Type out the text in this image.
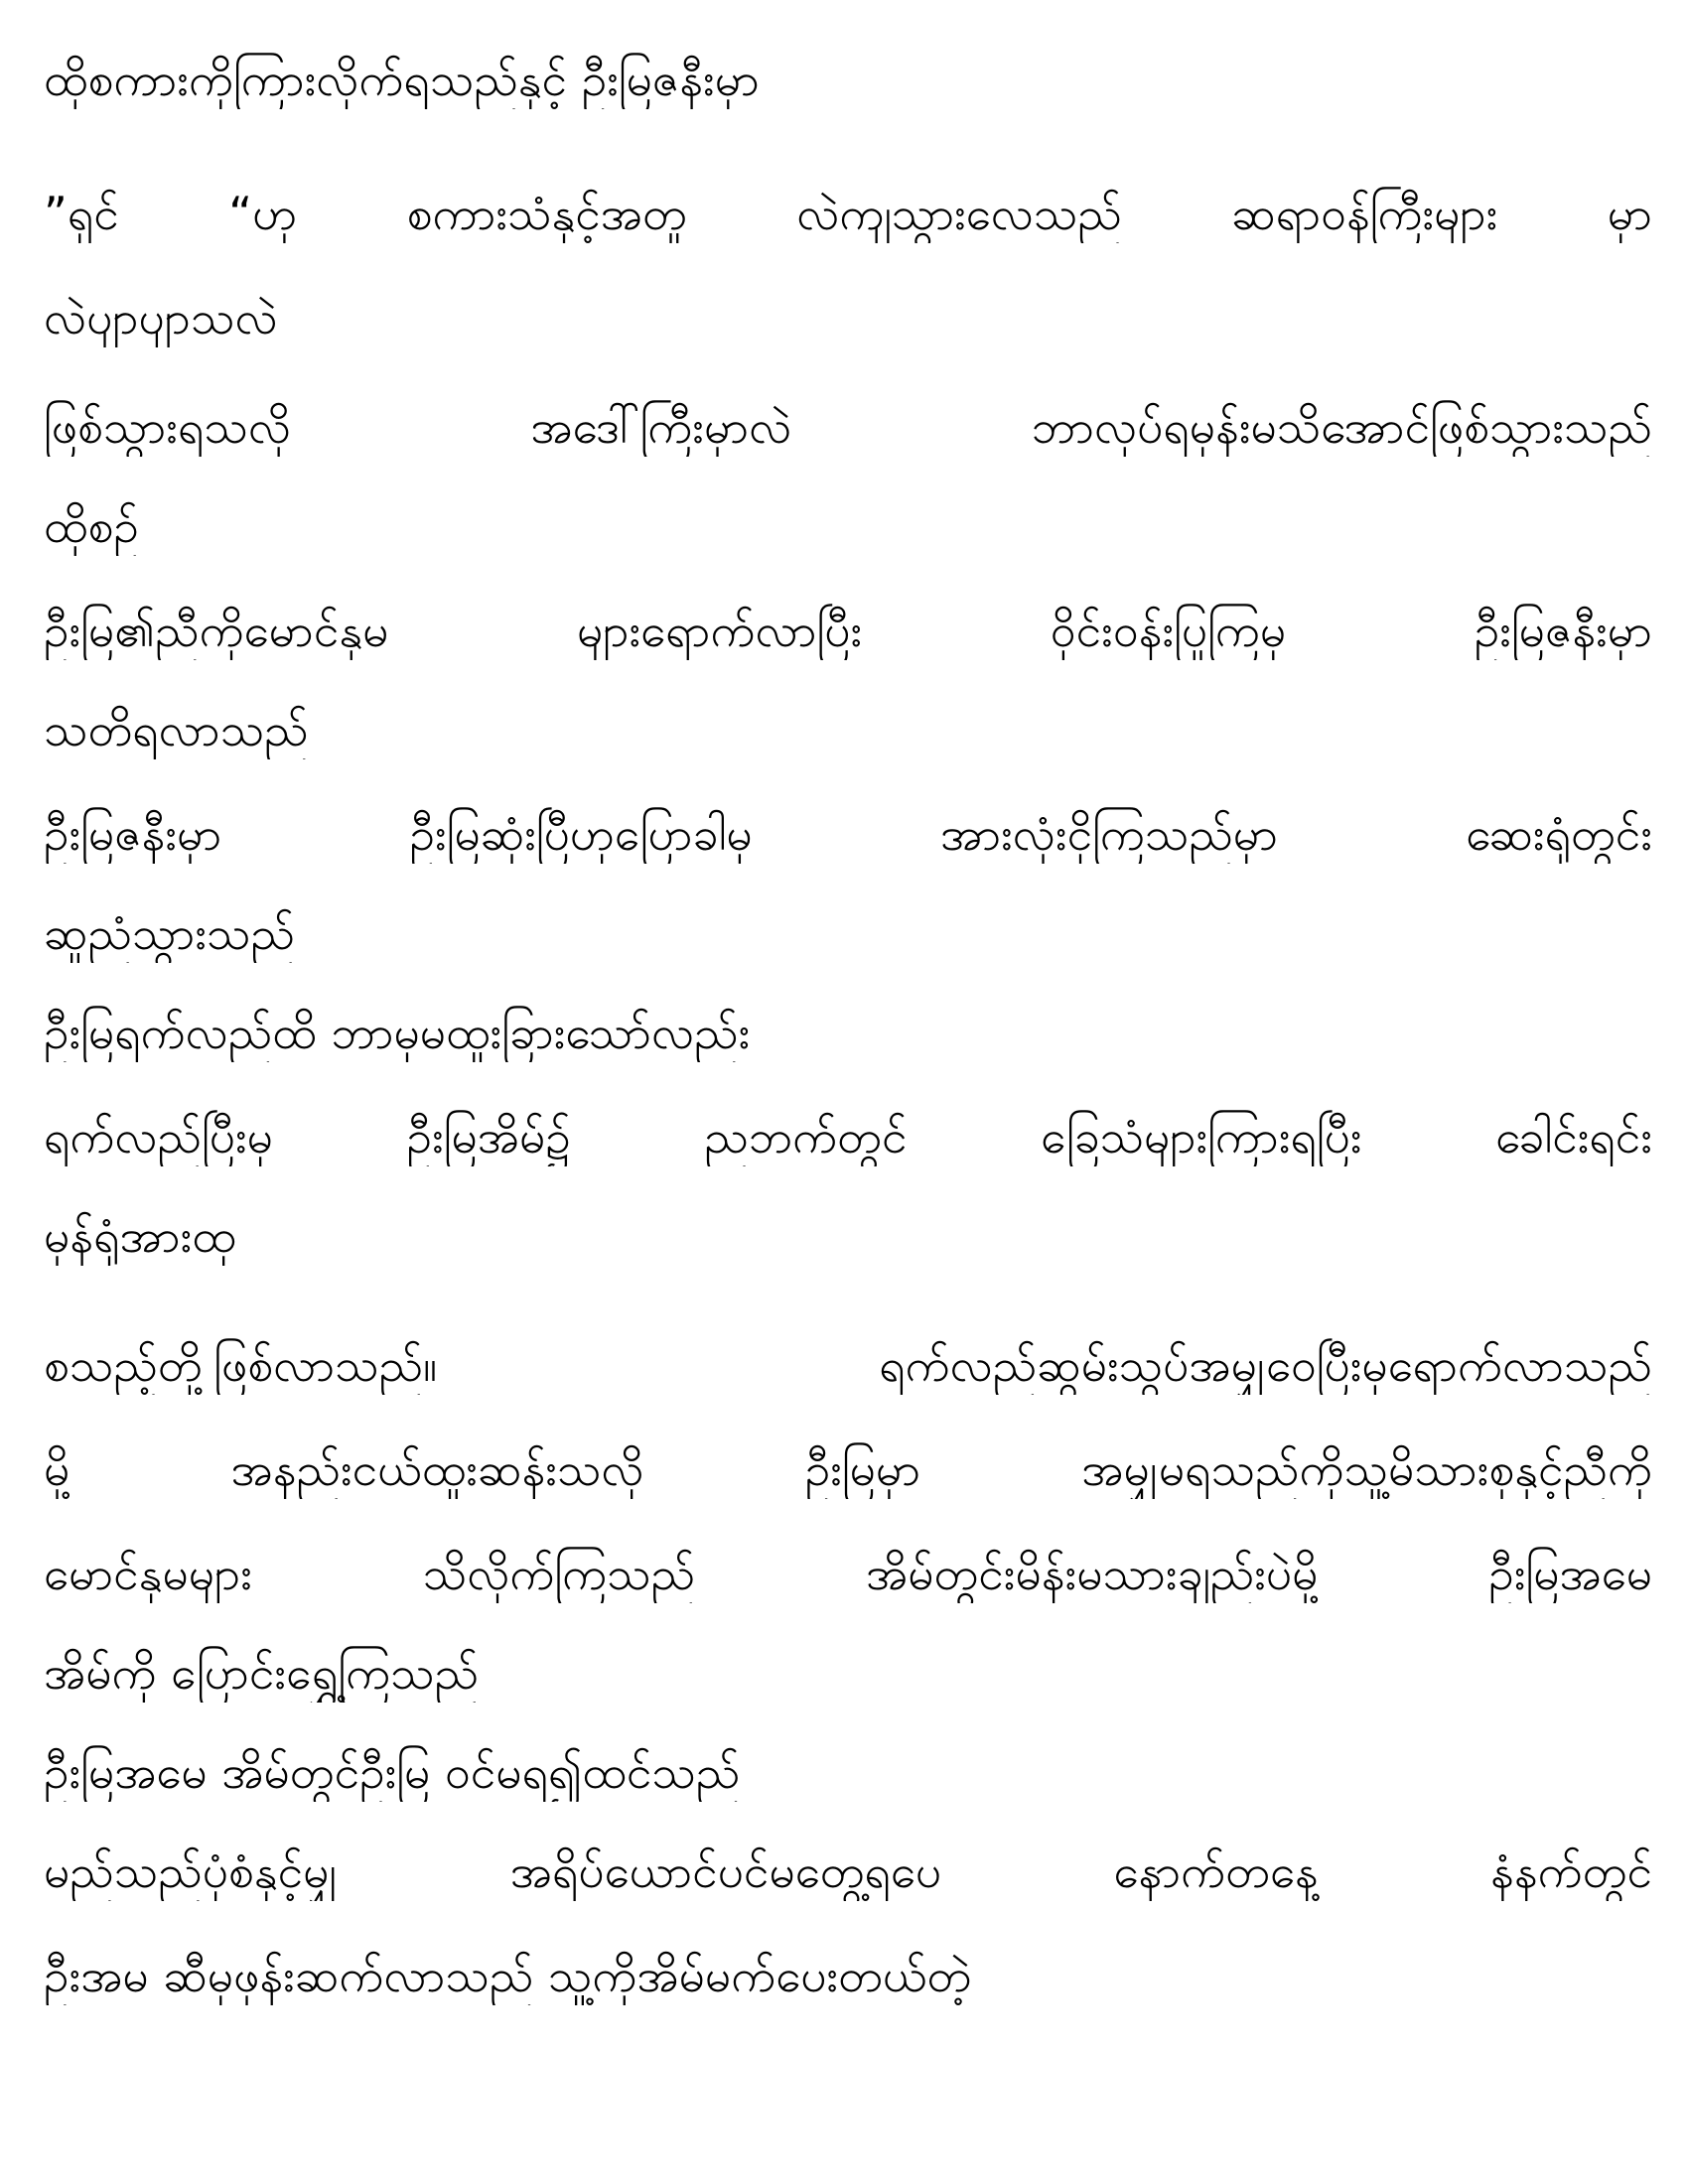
ထိုစကားကိုကြားလိုက်ရသည်နှင့် ဦးမြဇနီးမှာ
”ရှင် “ဟု စကားသံနှင့်အတူ လဲကျသွားလေသည် ဆရာဝန်ကြီးများ မှာ
လဲပျာပျာသလဲ
ဖြစ်သွားရသလို အဒေါ်ကြီးမှာလဲ ဘာလုပ်ရမှန်းမသိအောင်ဖြစ်သွားသည်
ထိုစဥ်
ဦးမြ၏ညီကိုမောင်နှမ များရောက်လာပြီး ဝိုင်းဝန်းပြုကြမှ ဦးမြဇနီးမှာ
သတိရလာသည်
ဦးမြဇနီးမှာ ဦးမြဆုံးပြီဟုပြောခါမှ အားလုံးငိုကြသည်မှာ ဆေးရုံတွင်း
ဆူညံသွားသည်
ဦးမြရက်လည်ထိ ဘာမှမထူးခြားသော်လည်း
ရက်လည်ပြီးမှ ဦးမြအိမ်၌ ညဘက်တွင် ခြေသံများကြားရပြီး ခေါင်းရင်း
မှန်ရုံအားထု
စသည့်တို့ဖြစ်လာသည်။ ရက်လည်ဆွမ်းသွပ်အမျှဝေပြီးမှရောက်လာသည်
မို့ အနည်းငယ်ထူးဆန်းသလို ဦးမြမှာ အမျှမရသည်ကိုသူ့မိသားစုနှင့်ညီကို
မောင်နှမများ သိလိုက်ကြသည် အိမ်တွင်းမိန်းမသားချည်းပဲမို့ ဦးမြအမေ
အိမ်ကို ပြောင်းရွှေ့ကြသည်
ဦးမြအမေ အိမ်တွင်ဦးမြ ဝင်မရ၍ထင်သည်
မည်သည်ပုံစံနှင့်မျှ အရိပ်ယောင်ပင်မတွေ့ရပေ နောက်တနေ့ နံနက်တွင်
ဦးအမ ဆီမှဖုန်းဆက်လာသည် သူ့ကိုအိမ်မက်ပေးတယ်တဲ့
